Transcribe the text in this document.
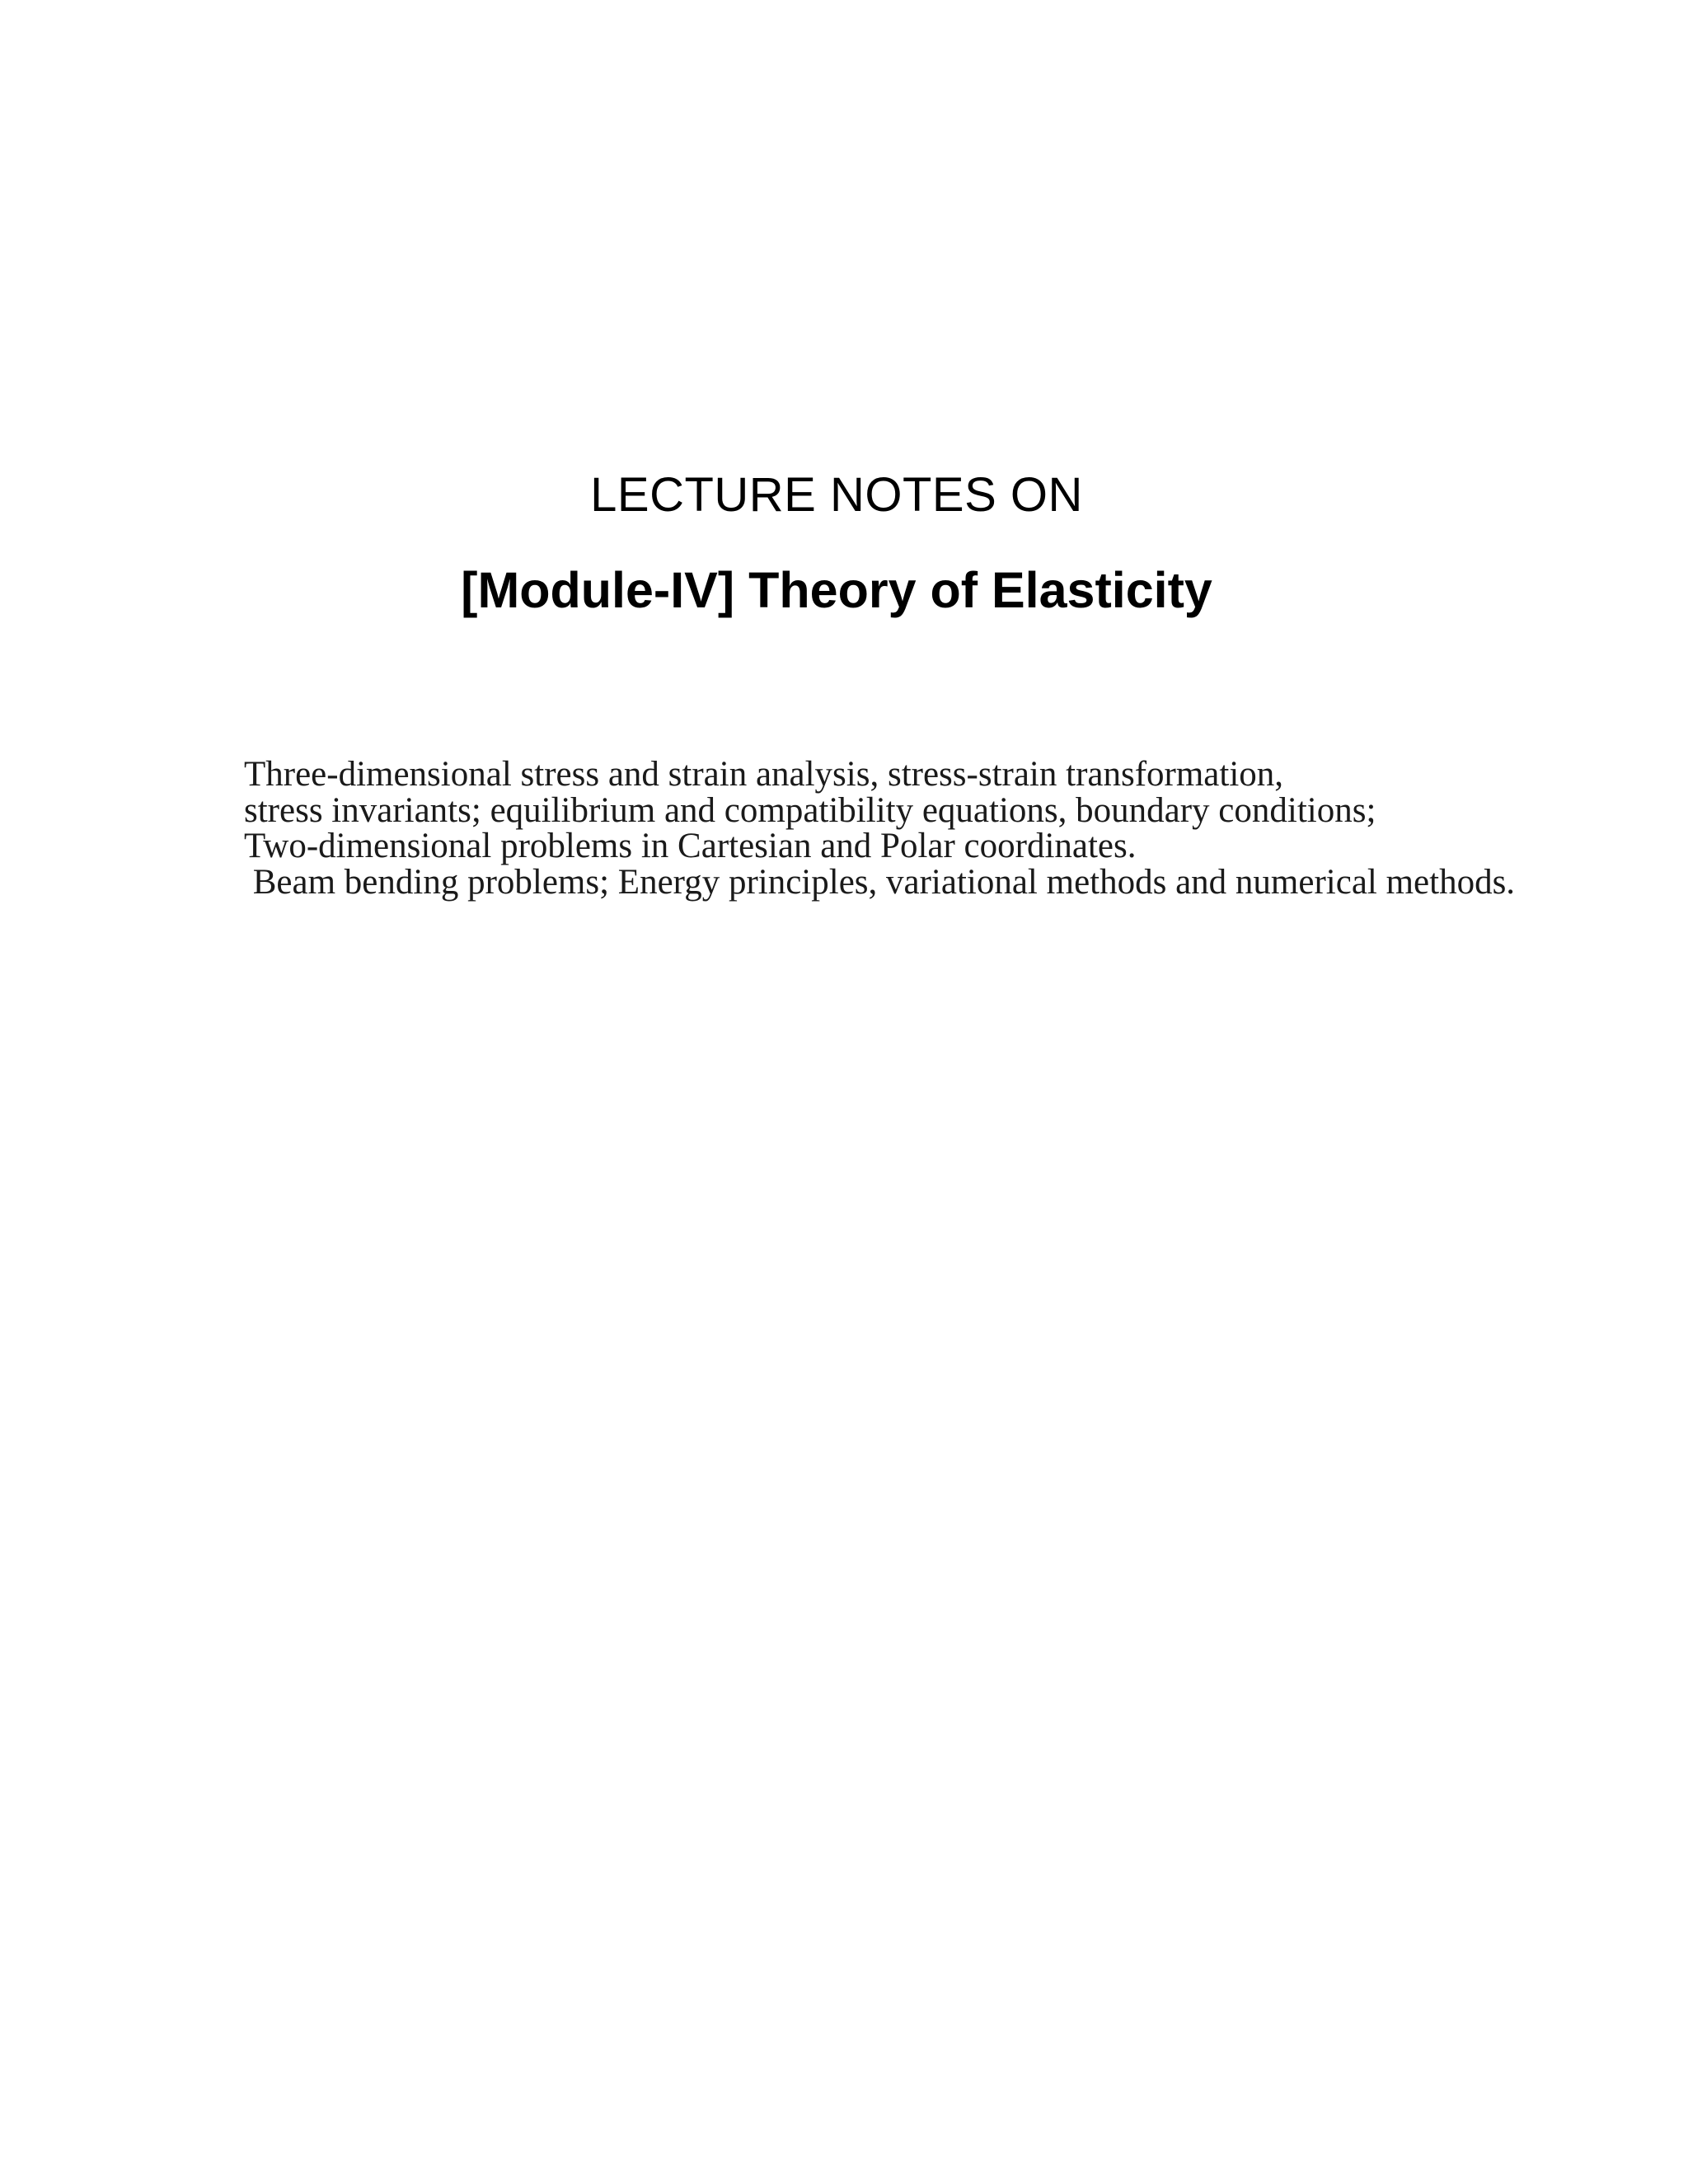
LECTURE NOTES ON
[Module-IV] Theory of Elasticity

Three-dimensional stress and strain analysis, stress-strain transformation,
stress invariants; equilibrium and compatibility equations, boundary conditions;
Two-dimensional problems in Cartesian and Polar coordinates.
Beam bending problems; Energy principles, variational methods and numerical methods.
